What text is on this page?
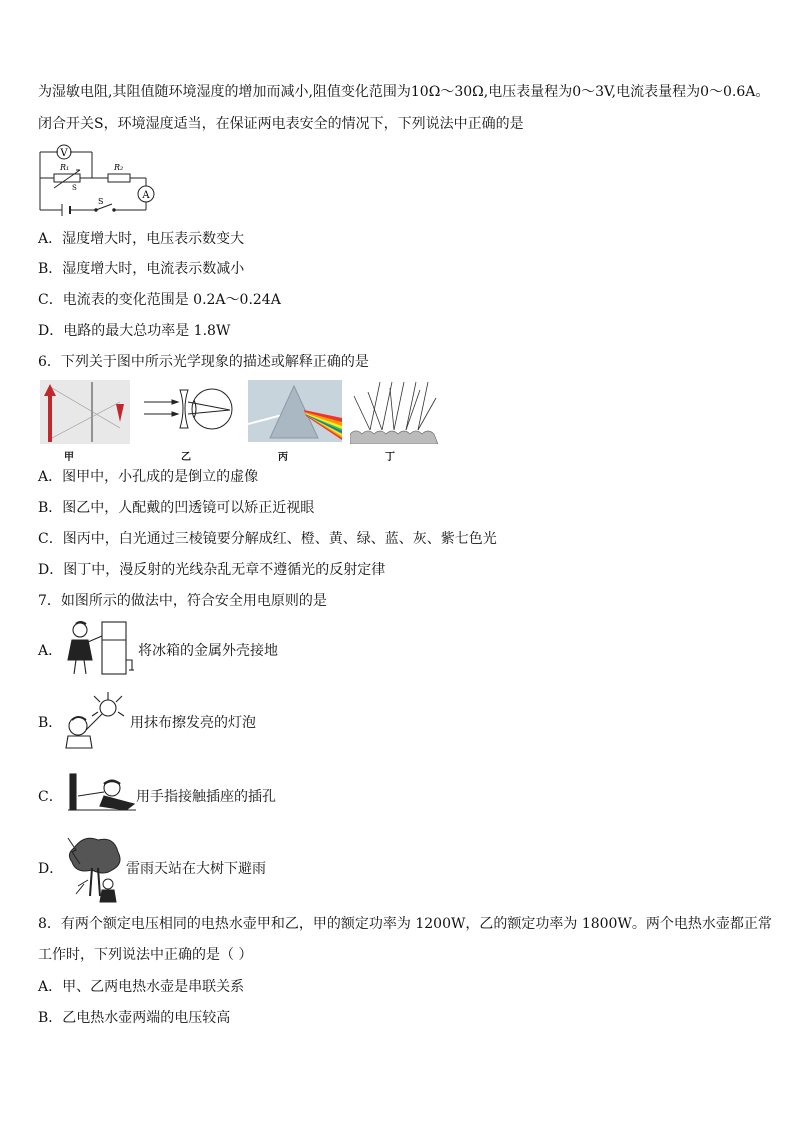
为湿敏电阻,其阻值随环境湿度的增加而减小,阻值变化范围为10Ω～30Ω,电压表量程为0～3V,电流表量程为0～0.6A。
闭合开关S，环境湿度适当，在保证两电表安全的情况下，下列说法中正确的是
V
A
R₁	R₂
S
S
A．湿度增大时，电压表示数变大
B．湿度增大时，电流表示数减小
C．电流表的变化范围是 0.2A～0.24A
D．电路的最大总功率是 1.8W
6．下列关于图中所示光学现象的描述或解释正确的是
甲	乙	丙	丁
A．图甲中，小孔成的是倒立的虚像
B．图乙中，人配戴的凹透镜可以矫正近视眼
C．图丙中，白光通过三棱镜要分解成红、橙、黄、绿、蓝、灰、紫七色光
D．图丁中，漫反射的光线杂乱无章不遵循光的反射定律
7．如图所示的做法中，符合安全用电原则的是
A．	将冰箱的金属外壳接地
B．	用抹布擦发亮的灯泡
C．	用手指接触插座的插孔
D．	雷雨天站在大树下避雨
8．有两个额定电压相同的电热水壶甲和乙，甲的额定功率为 1200W，乙的额定功率为 1800W。两个电热水壶都正常
工作时，下列说法中正确的是（ ）
A．甲、乙两电热水壶是串联关系
B．乙电热水壶两端的电压较高
